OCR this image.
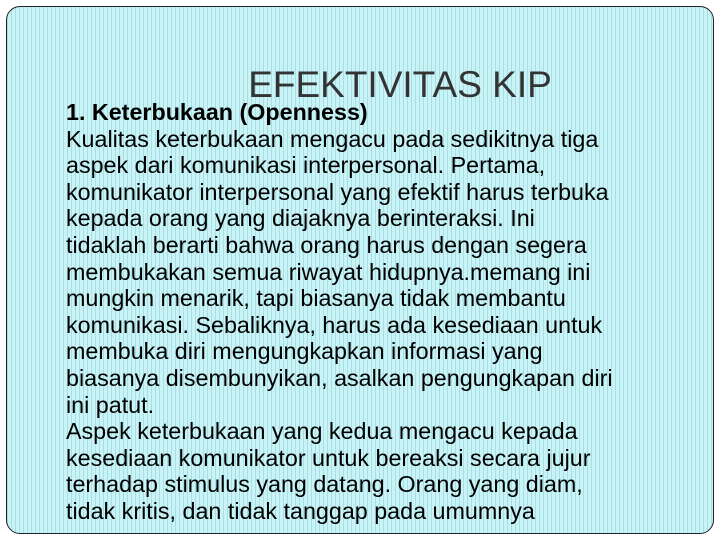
EFEKTIVITAS KIP

1. Keterbukaan (Openness)

Kualitas keterbukaan mengacu pada sedikitnya tiga

aspek dari komunikasi interpersonal. Pertama,

komunikator interpersonal yang efektif harus terbuka

kepada orang yang diajaknya berinteraksi. Ini

tidaklah berarti bahwa orang harus dengan segera

membukakan semua riwayat hidupnya.memang ini

mungkin menarik, tapi biasanya tidak membantu

komunikasi. Sebaliknya, harus ada kesediaan untuk

membuka diri mengungkapkan informasi yang

biasanya disembunyikan, asalkan pengungkapan diri

ini patut.

Aspek keterbukaan yang kedua mengacu kepada

kesediaan komunikator untuk bereaksi secara jujur

terhadap stimulus yang datang. Orang yang diam,

tidak kritis, dan tidak tanggap pada umumnya
